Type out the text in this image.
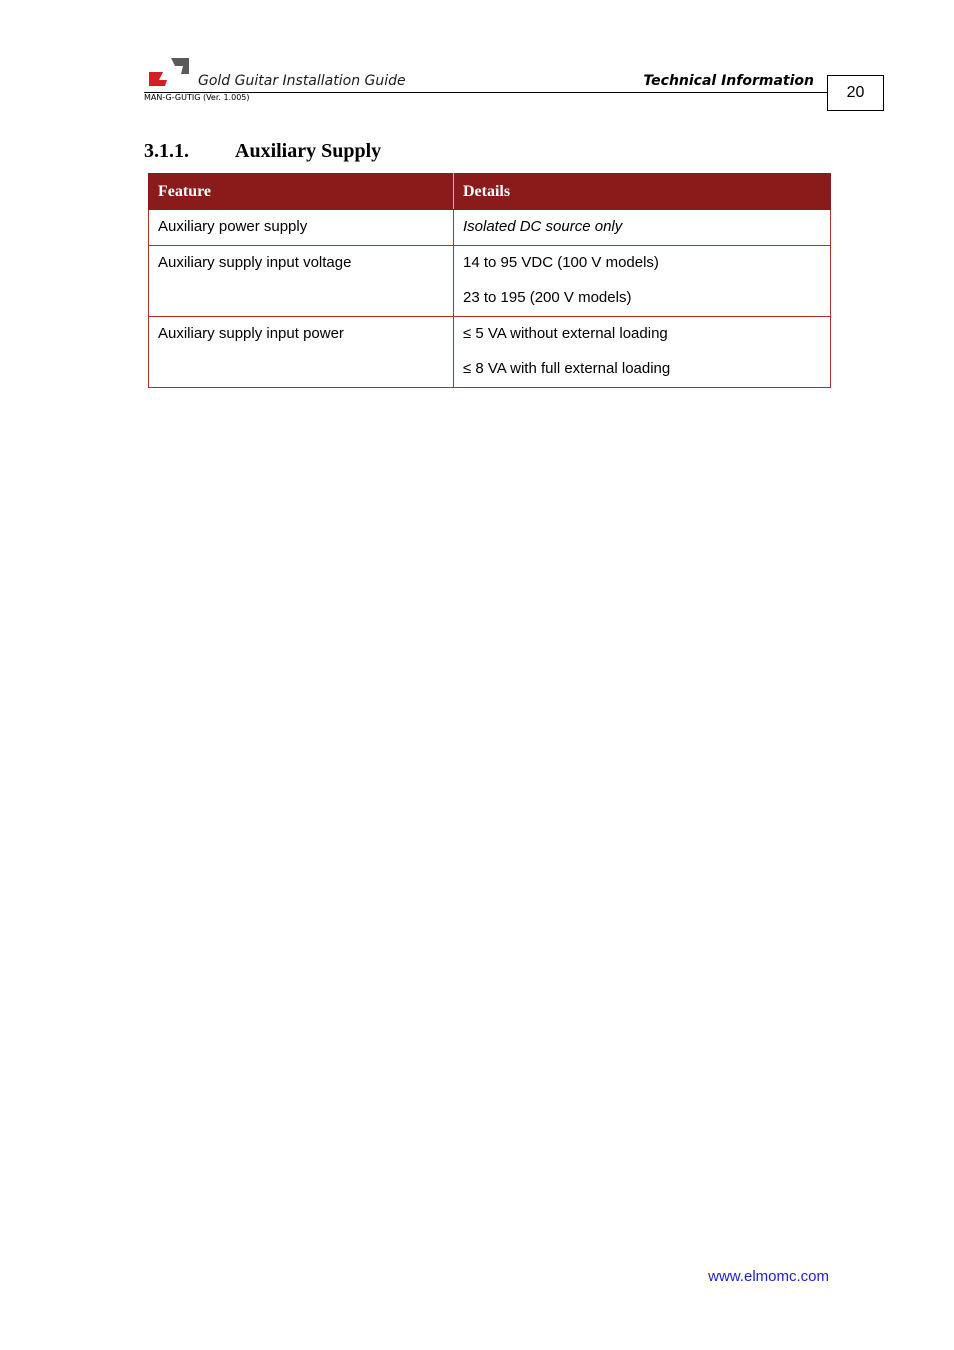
Gold Guitar Installation Guide	Technical Information
MAN-G-GUTIG (Ver. 1.005)	20
3.1.1. Auxiliary Supply
Feature	Details
Auxiliary power supply	Isolated DC source only

Auxiliary supply input voltage	14 to 95 VDC (100 V models)

23 to 195 (200 V models)

Auxiliary supply input power	≤ 5 VA without external loading

≤ 8 VA with full external loading

www.elmomc.com
